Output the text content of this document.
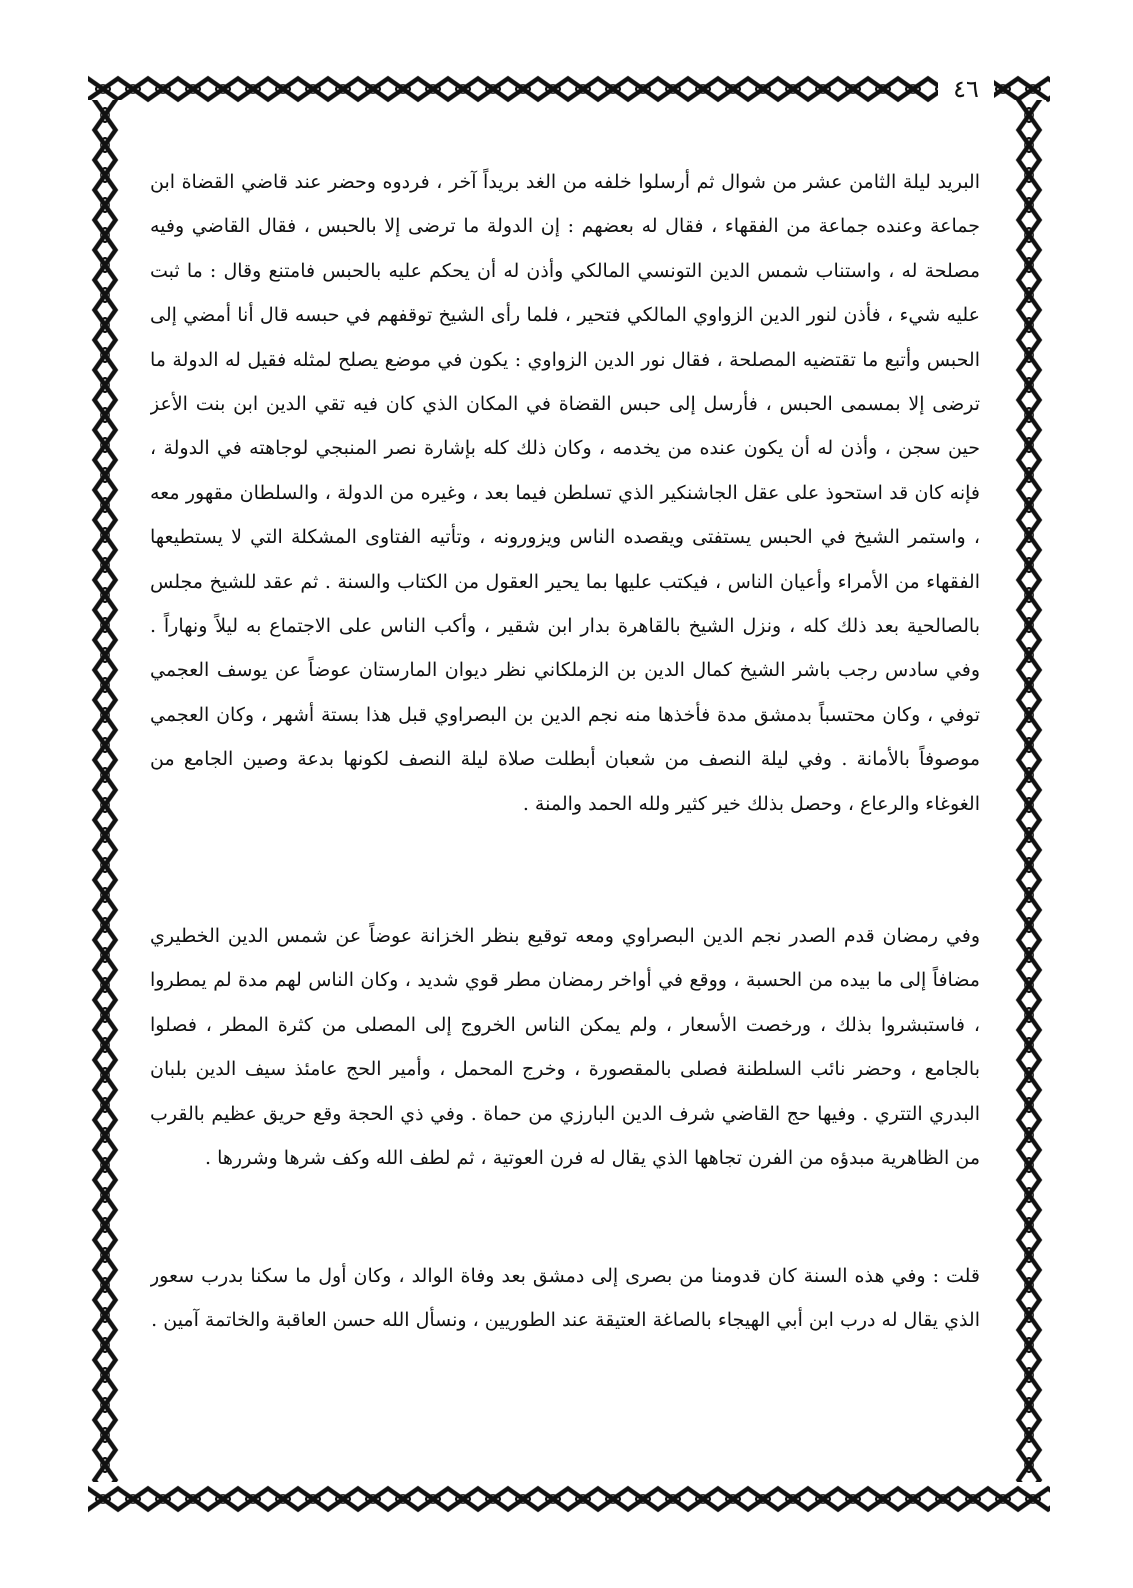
٤٦

البريد ليلة الثامن عشر من شوال ثم أرسلوا خلفه من الغد بريداً آخر ، فردوه وحضر عند قاضي القضاة ابن جماعة وعنده جماعة من الفقهاء ، فقال له بعضهم : إن الدولة ما ترضى إلا بالحبس ، فقال القاضي وفيه مصلحة له ، واستناب شمس الدين التونسي المالكي وأذن له أن يحكم عليه بالحبس فامتنع وقال : ما ثبت عليه شيء ، فأذن لنور الدين الزواوي المالكي فتحير ، فلما رأى الشيخ توقفهم في حبسه قال أنا أمضي إلى الحبس وأتبع ما تقتضيه المصلحة ، فقال نور الدين الزواوي : يكون في موضع يصلح لمثله فقيل له الدولة ما ترضى إلا بمسمى الحبس ، فأرسل إلى حبس القضاة في المكان الذي كان فيه تقي الدين ابن بنت الأعز حين سجن ، وأذن له أن يكون عنده من يخدمه ، وكان ذلك كله بإشارة نصر المنبجي لوجاهته في الدولة ، فإنه كان قد استحوذ على عقل الجاشنكير الذي تسلطن فيما بعد ، وغيره من الدولة ، والسلطان مقهور معه ، واستمر الشيخ في الحبس يستفتى ويقصده الناس ويزورونه ، وتأتيه الفتاوى المشكلة التي لا يستطيعها الفقهاء من الأمراء وأعيان الناس ، فيكتب عليها بما يحير العقول من الكتاب والسنة . ثم عقد للشيخ مجلس بالصالحية بعد ذلك كله ، ونزل الشيخ بالقاهرة بدار ابن شقير ، وأكب الناس على الاجتماع به ليلاً ونهاراً . وفي سادس رجب باشر الشيخ كمال الدين بن الزملكاني نظر ديوان المارستان عوضاً عن يوسف العجمي توفي ، وكان محتسباً بدمشق مدة فأخذها منه نجم الدين بن البصراوي قبل هذا بستة أشهر ، وكان العجمي موصوفاً بالأمانة . وفي ليلة النصف من شعبان أبطلت صلاة ليلة النصف لكونها بدعة وصين الجامع من الغوغاء والرعاع ، وحصل بذلك خير كثير ولله الحمد والمنة .

وفي رمضان قدم الصدر نجم الدين البصراوي ومعه توقيع بنظر الخزانة عوضاً عن شمس الدين الخطيري مضافاً إلى ما بيده من الحسبة ، ووقع في أواخر رمضان مطر قوي شديد ، وكان الناس لهم مدة لم يمطروا ، فاستبشروا بذلك ، ورخصت الأسعار ، ولم يمكن الناس الخروج إلى المصلى من كثرة المطر ، فصلوا بالجامع ، وحضر نائب السلطنة فصلى بالمقصورة ، وخرج المحمل ، وأمير الحج عامئذ سيف الدين بلبان البدري التتري . وفيها حج القاضي شرف الدين البارزي من حماة . وفي ذي الحجة وقع حريق عظيم بالقرب من الظاهرية مبدؤه من الفرن تجاهها الذي يقال له فرن العوتية ، ثم لطف الله وكف شرها وشررها .

قلت : وفي هذه السنة كان قدومنا من بصرى إلى دمشق بعد وفاة الوالد ، وكان أول ما سكنا بدرب سعور الذي يقال له درب ابن أبي الهيجاء بالصاغة العتيقة عند الطوريين ، ونسأل الله حسن العاقبة والخاتمة آمين .
